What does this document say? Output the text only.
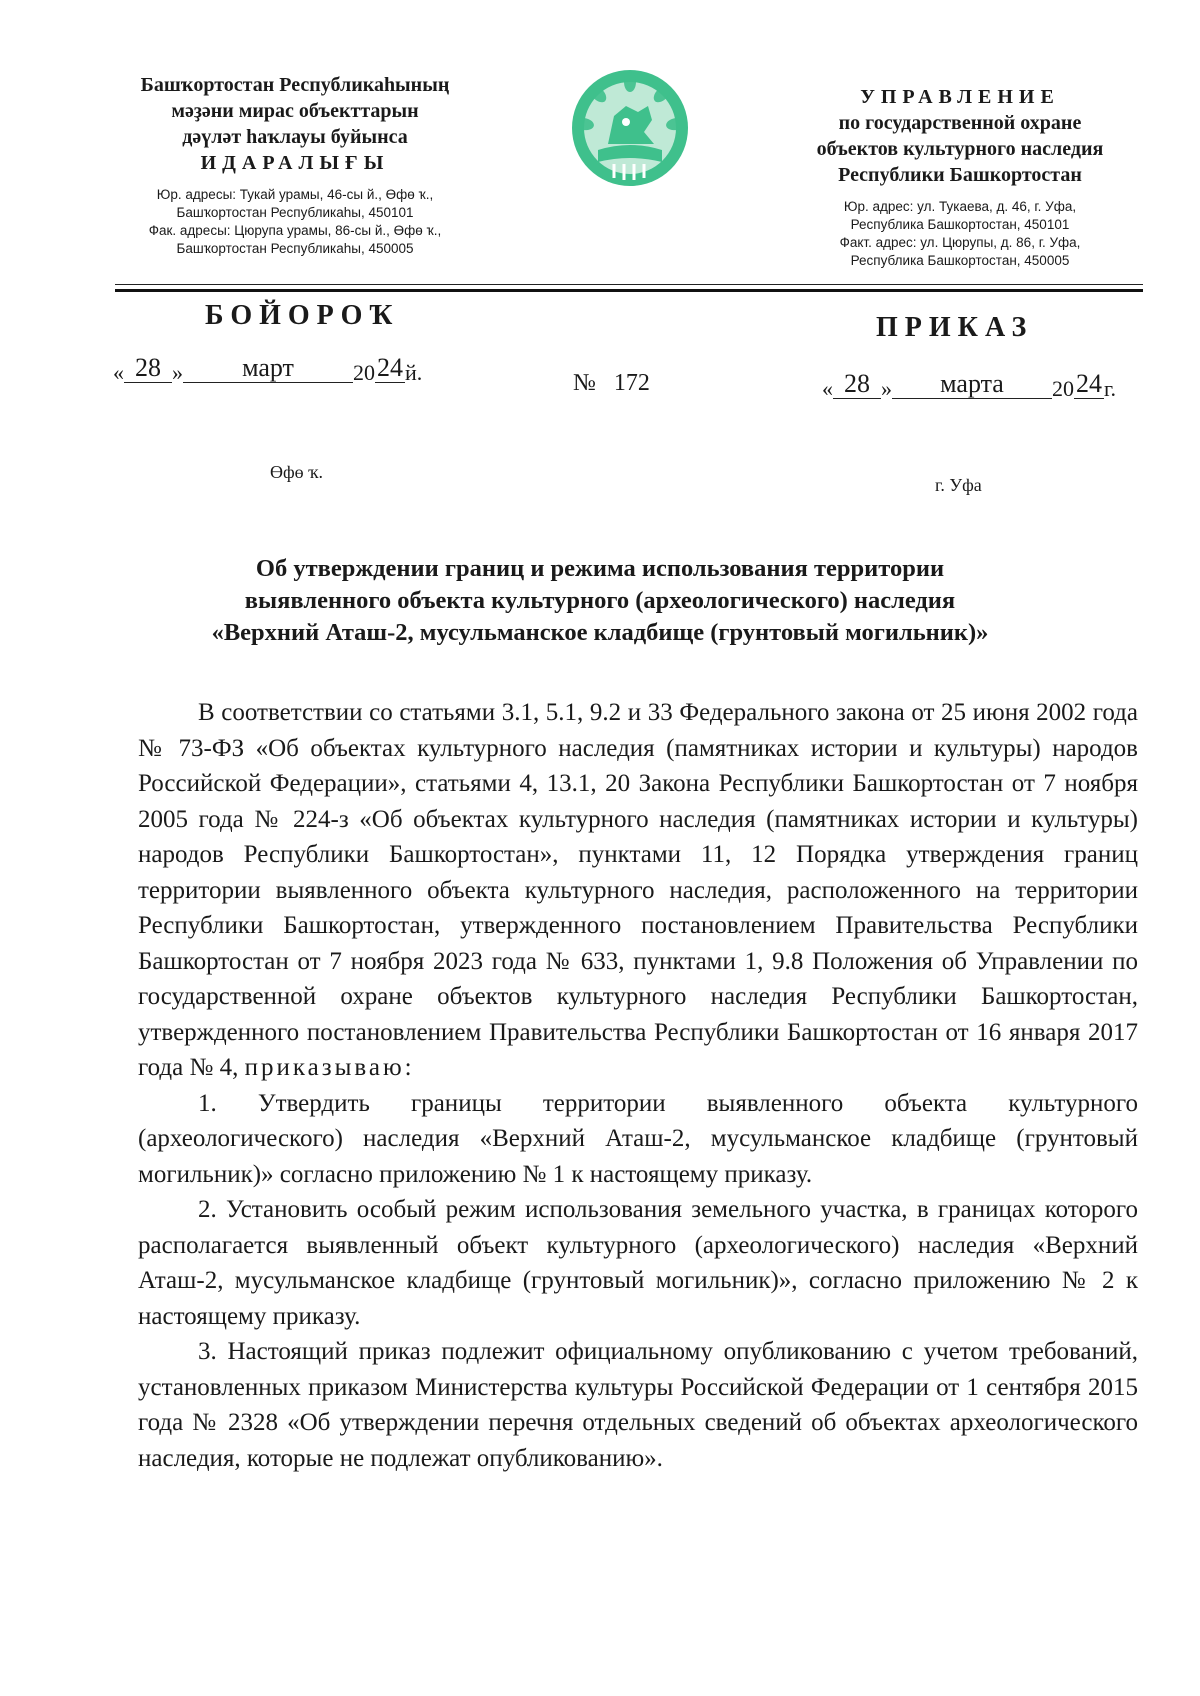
Башҡортостан Республикаһының

мәҙәни мирас объекттарын

дәүләт һаҡлауы буйынса

ИДАРАЛЫҒЫ

Юр. адресы: Тукай урамы, 46-сы й., Өфө ҡ.,
Башҡортостан Республикаһы, 450101
Фак. адресы: Цюрупа урамы, 86-сы й., Өфө ҡ.,
Башҡортостан Республикаһы, 450005

УПРАВЛЕНИЕ

по государственной охране

объектов культурного наследия

Республики Башкортостан

Юр. адрес: ул. Тукаева, д. 46, г. Уфа,
Республика Башкортостан, 450101
Факт. адрес: ул. Цюрупы, д. 86, г. Уфа,
Республика Башкортостан, 450005
БОЙОРОҠ	ПРИКАЗ
« 28 » март	2024й.	№ 172	« 28 » марта 2024г.
Өфө ҡ.
г. Уфа
Об утверждении границ и режима использования территории
выявленного объекта культурного (археологического) наследия
«Верхний Аташ-2, мусульманское кладбище (грунтовый могильник)»

В соответствии со статьями 3.1, 5.1, 9.2 и 33 Федерального закона от 25 июня 2002 года № 73-ФЗ «Об объектах культурного наследия (памятниках истории и культуры) народов Российской Федерации», статьями 4, 13.1, 20 Закона Республики Башкортостан от 7 ноября 2005 года № 224-з «Об объектах культурного наследия (памятниках истории и культуры) народов Республики Башкортостан», пунктами 11, 12 Порядка утверждения границ территории выявленного объекта культурного наследия, расположенного на территории Республики Башкортостан, утвержденного постановлением Правительства Республики Башкортостан от 7 ноября 2023 года № 633, пунктами 1, 9.8 Положения об Управлении по государственной охране объектов культурного наследия Республики Башкортостан, утвержденного постановлением Правительства Республики Башкортостан от 16 января 2017 года № 4, приказываю:

1. Утвердить границы территории выявленного объекта культурного (археологического) наследия «Верхний Аташ-2, мусульманское кладбище (грунтовый могильник)» согласно приложению № 1 к настоящему приказу.

2. Установить особый режим использования земельного участка, в границах которого располагается выявленный объект культурного (археологического) наследия «Верхний Аташ-2, мусульманское кладбище (грунтовый могильник)», согласно приложению № 2 к настоящему приказу.

3. Настоящий приказ подлежит официальному опубликованию с учетом требований, установленных приказом Министерства культуры Российской Федерации от 1 сентября 2015 года № 2328 «Об утверждении перечня отдельных сведений об объектах археологического наследия, которые не подлежат опубликованию».
